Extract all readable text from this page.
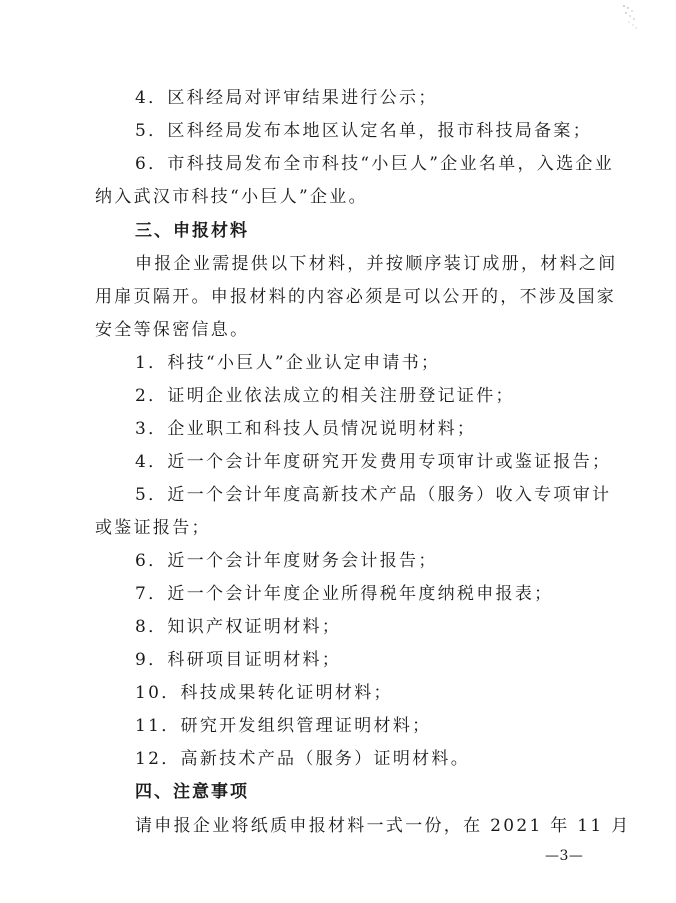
4．区科经局对评审结果进行公示；
5．区科经局发布本地区认定名单，报市科技局备案；
6．市科技局发布全市科技“小巨人”企业名单，入选企业
纳入武汉市科技“小巨人”企业。
三、申报材料
申报企业需提供以下材料，并按顺序装订成册，材料之间
用扉页隔开。申报材料的内容必须是可以公开的，不涉及国家
安全等保密信息。
1．科技“小巨人”企业认定申请书；
2．证明企业依法成立的相关注册登记证件；
3．企业职工和科技人员情况说明材料；
4．近一个会计年度研究开发费用专项审计或鉴证报告；
5．近一个会计年度高新技术产品（服务）收入专项审计
或鉴证报告；
6．近一个会计年度财务会计报告；
7．近一个会计年度企业所得税年度纳税申报表；
8．知识产权证明材料；
9．科研项目证明材料；
10．科技成果转化证明材料；
11．研究开发组织管理证明材料；
12．高新技术产品（服务）证明材料。
四、注意事项
请申报企业将纸质申报材料一式一份，在 2021 年 11 月
—3—
